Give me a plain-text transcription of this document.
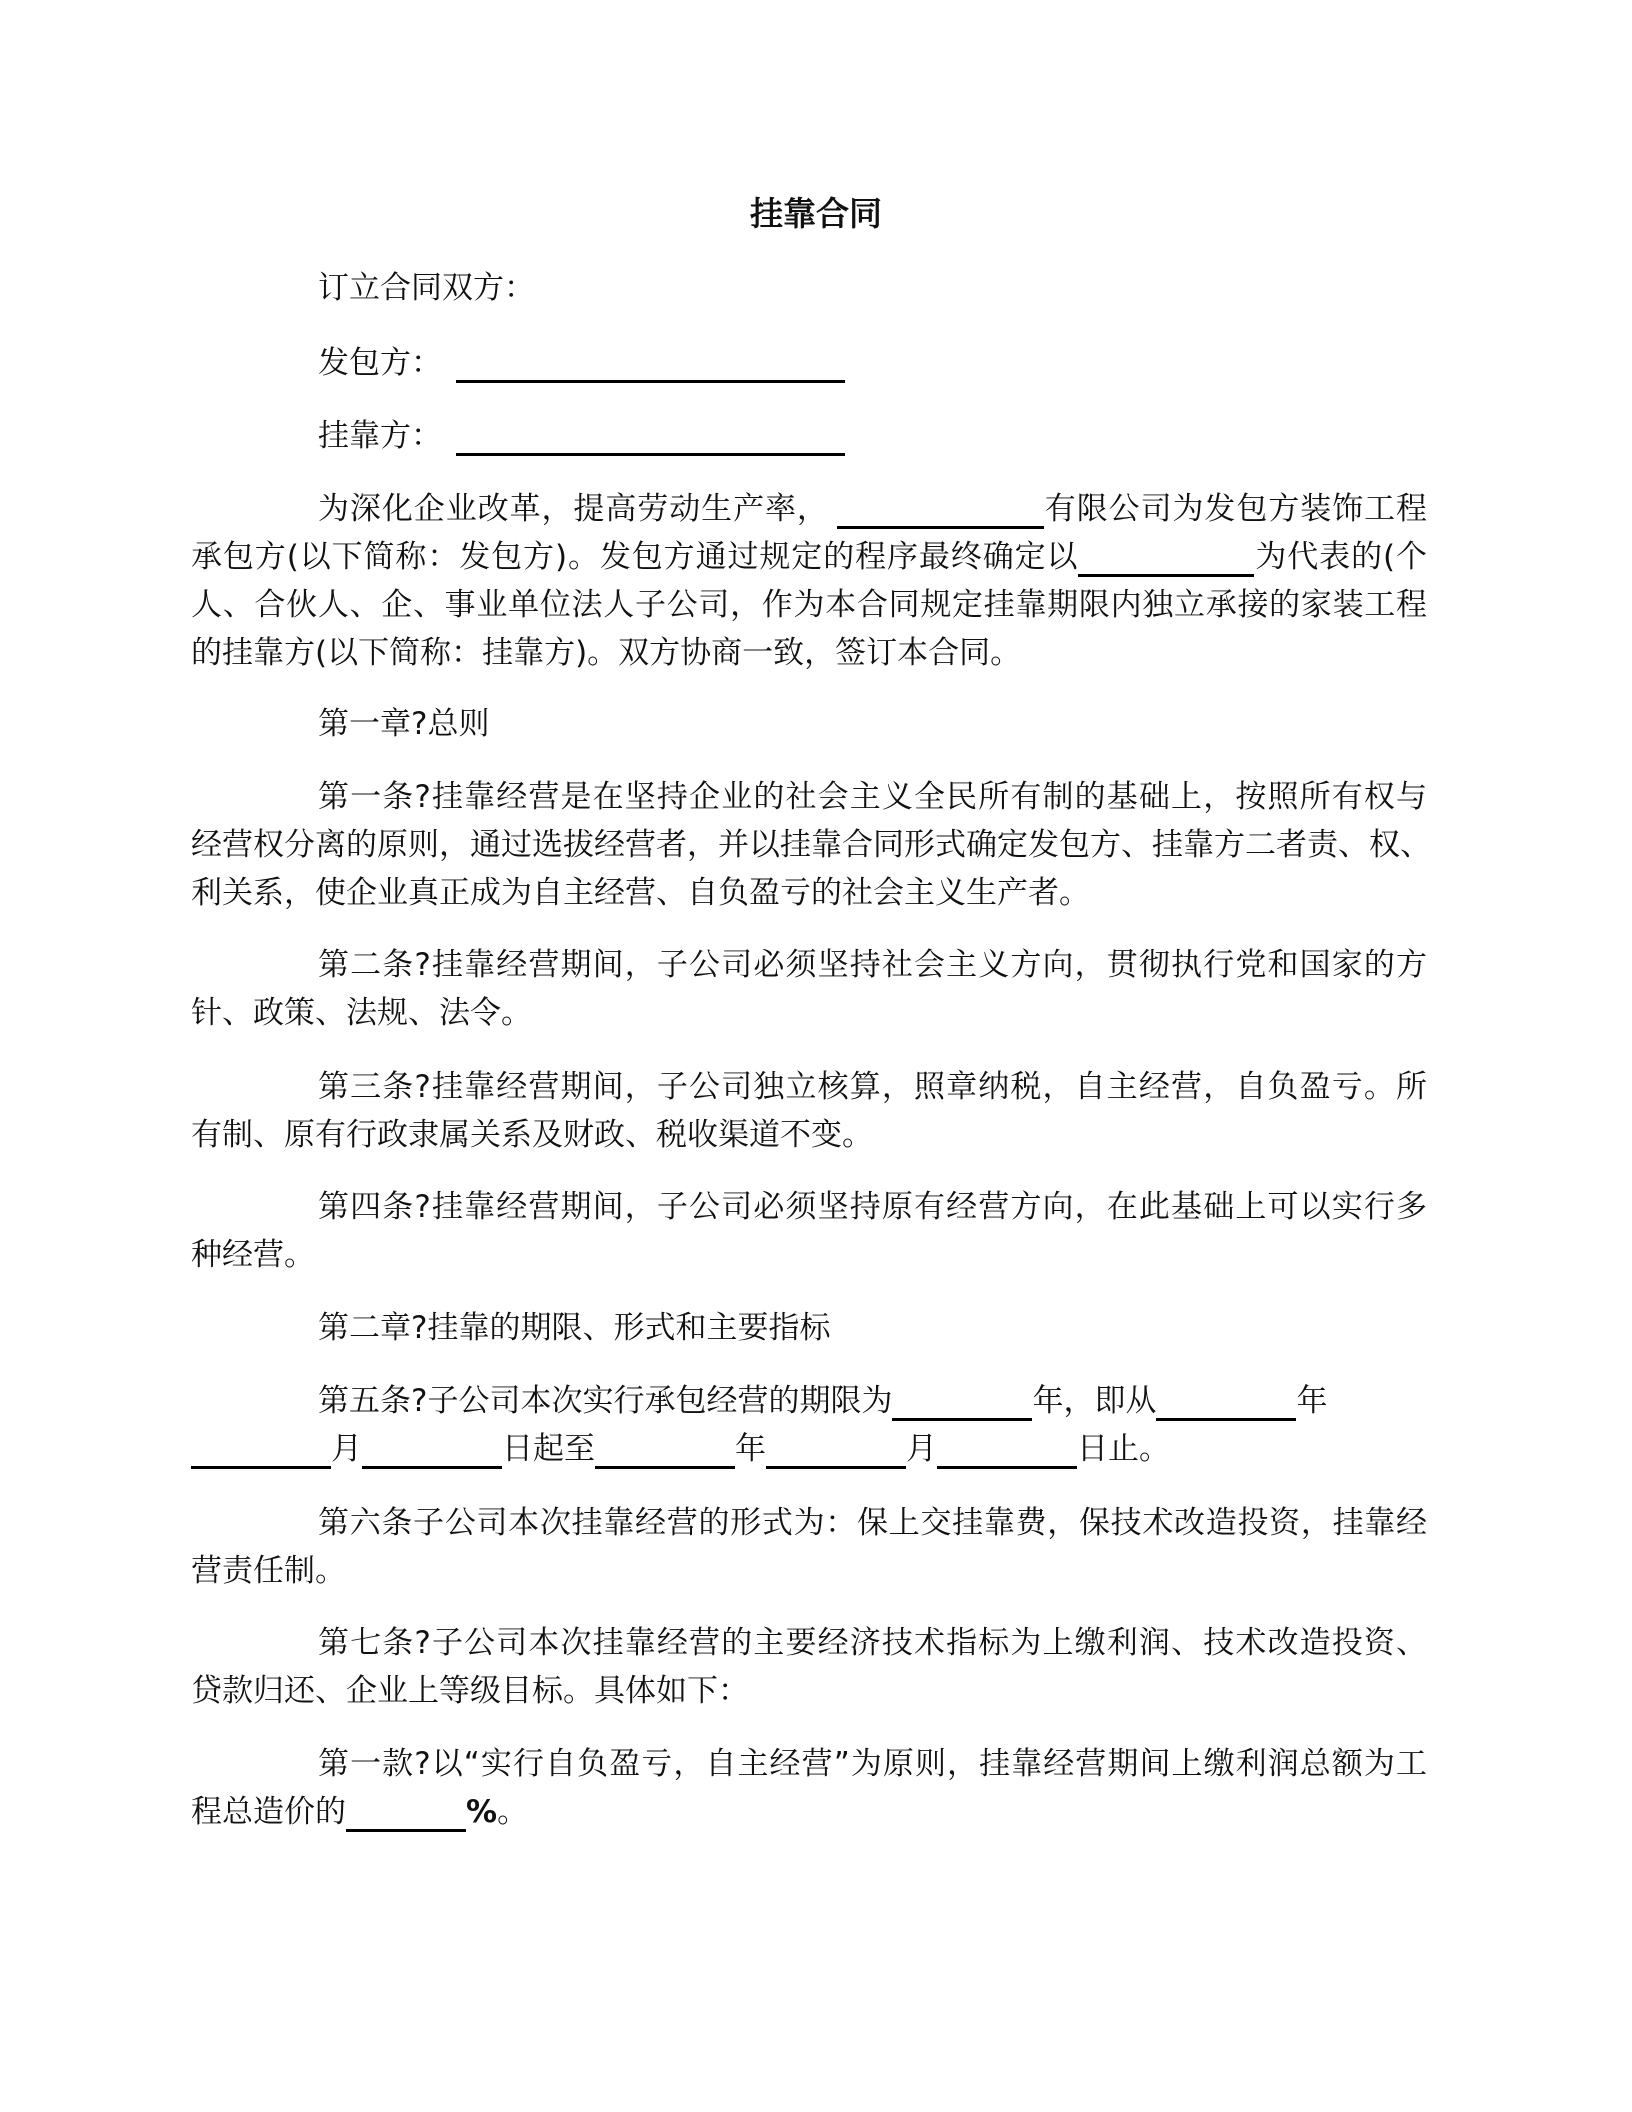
挂靠合同
订立合同双方：
发包方：
挂靠方：
为深化企业改革，提高劳动生产率，	有限公司为发包方装饰工程
承包方(以下简称：发包方)。发包方通过规定的程序最终确定以	为代表的(个
人、合伙人、企、事业单位法人子公司，作为本合同规定挂靠期限内独立承接的家装工程
的挂靠方(以下简称：挂靠方)。双方协商一致，签订本合同。
第一章?总则
第一条?挂靠经营是在坚持企业的社会主义全民所有制的基础上，按照所有权与
经营权分离的原则，通过选拔经营者，并以挂靠合同形式确定发包方、挂靠方二者责、权、
利关系，使企业真正成为自主经营、自负盈亏的社会主义生产者。
第二条?挂靠经营期间，子公司必须坚持社会主义方向，贯彻执行党和国家的方
针、政策、法规、法令。
第三条?挂靠经营期间，子公司独立核算，照章纳税，自主经营，自负盈亏。所
有制、原有行政隶属关系及财政、税收渠道不变。
第四条?挂靠经营期间，子公司必须坚持原有经营方向，在此基础上可以实行多
种经营。
第二章?挂靠的期限、形式和主要指标
第五条?子公司本次实行承包经营的期限为	年，即从	年
月	日起至	年	月	日止。
第六条子公司本次挂靠经营的形式为：保上交挂靠费，保技术改造投资，挂靠经
营责任制。
第七条?子公司本次挂靠经营的主要经济技术指标为上缴利润、技术改造投资、
贷款归还、企业上等级目标。具体如下：
第一款?以“实行自负盈亏，自主经营”为原则，挂靠经营期间上缴利润总额为工
程总造价的	%。
